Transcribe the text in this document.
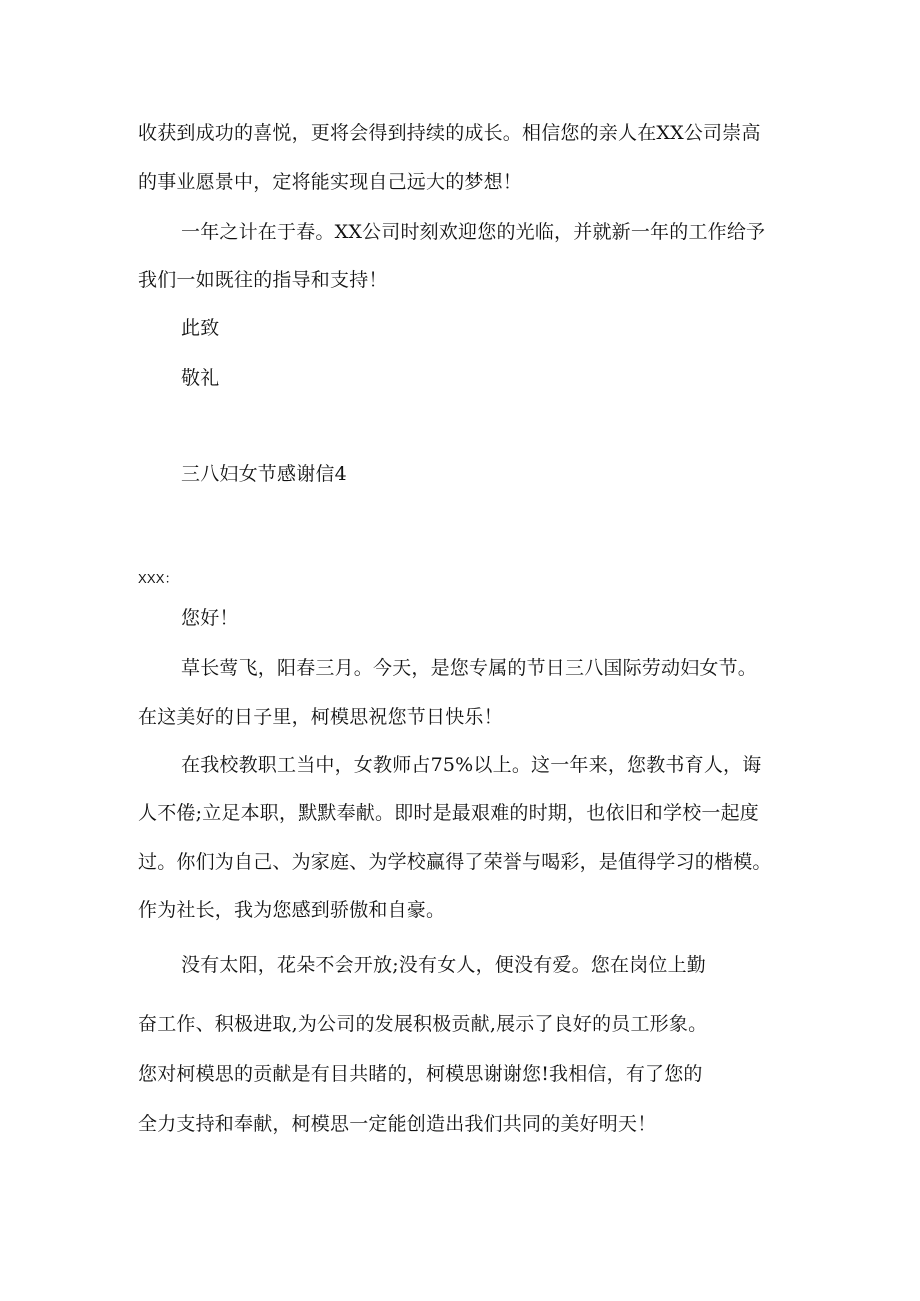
收获到成功的喜悦，更将会得到持续的成长。相信您的亲人在XX公司崇高
的事业愿景中，定将能实现自己远大的梦想！
一年之计在于春。XX公司时刻欢迎您的光临，并就新一年的工作给予
我们一如既往的指导和支持！
此致
敬礼
三八妇女节感谢信4
XXX：
您好！
草长莺飞，阳春三月。今天，是您专属的节日三八国际劳动妇女节。
在这美好的日子里，柯模思祝您节日快乐！
在我校教职工当中，女教师占75%以上。这一年来，您教书育人，诲
人不倦;立足本职，默默奉献。即时是最艰难的时期，也依旧和学校一起度
过。你们为自己、为家庭、为学校赢得了荣誉与喝彩，是值得学习的楷模。
作为社长，我为您感到骄傲和自豪。
没有太阳，花朵不会开放;没有女人，便没有爱。您在岗位上勤
奋工作、积极进取,为公司的发展积极贡献,展示了良好的员工形象。
您对柯模思的贡献是有目共睹的，柯模思谢谢您!我相信，有了您的
全力支持和奉献，柯模思一定能创造出我们共同的美好明天！
